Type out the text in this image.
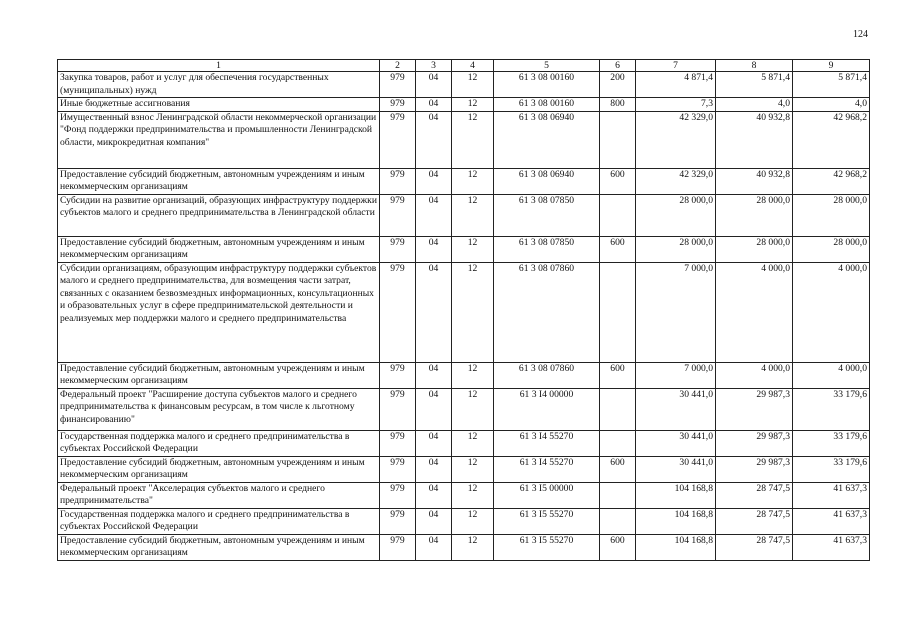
124
1	2	3	4	5	6	7	8	9
Закупка товаров, работ и услуг для обеспечения государственных (муниципальных) нужд	979	04	12	61 3 08 00160	200	4 871,4	5 871,4	5 871,4
Иные бюджетные ассигнования	979	04	12	61 3 08 00160	800	7,3	4,0	4,0
Имущественный взнос Ленинградской области некоммерческой организации "Фонд поддержки предпринимательства и промышленности Ленинградской области, микрокредитная компания"	979	04	12	61 3 08 06940		42 329,0	40 932,8	42 968,2
Предоставление субсидий бюджетным, автономным учреждениям и иным некоммерческим организациям	979	04	12	61 3 08 06940	600	42 329,0	40 932,8	42 968,2
Субсидии на развитие организаций, образующих инфраструктуру поддержки субъектов малого и среднего предпринимательства в Ленинградской области	979	04	12	61 3 08 07850		28 000,0	28 000,0	28 000,0
Предоставление субсидий бюджетным, автономным учреждениям и иным некоммерческим организациям	979	04	12	61 3 08 07850	600	28 000,0	28 000,0	28 000,0
Субсидии организациям, образующим инфраструктуру поддержки субъектов малого и среднего предпринимательства, для возмещения части затрат, связанных с оказанием безвозмездных информационных, консультационных и образовательных услуг в сфере предпринимательской деятельности и реализуемых мер поддержки малого и среднего предпринимательства	979	04	12	61 3 08 07860		7 000,0	4 000,0	4 000,0
Предоставление субсидий бюджетным, автономным учреждениям и иным некоммерческим организациям	979	04	12	61 3 08 07860	600	7 000,0	4 000,0	4 000,0
Федеральный проект "Расширение доступа субъектов малого и среднего предпринимательства к финансовым ресурсам, в том числе к льготному финансированию"	979	04	12	61 3 I4 00000		30 441,0	29 987,3	33 179,6
Государственная поддержка малого и среднего предпринимательства в субъектах Российской Федерации	979	04	12	61 3 I4 55270		30 441,0	29 987,3	33 179,6
Предоставление субсидий бюджетным, автономным учреждениям и иным некоммерческим организациям	979	04	12	61 3 I4 55270	600	30 441,0	29 987,3	33 179,6
Федеральный проект "Акселерация субъектов малого и среднего предпринимательства"	979	04	12	61 3 I5 00000		104 168,8	28 747,5	41 637,3
Государственная поддержка малого и среднего предпринимательства в субъектах Российской Федерации	979	04	12	61 3 I5 55270		104 168,8	28 747,5	41 637,3
Предоставление субсидий бюджетным, автономным учреждениям и иным некоммерческим организациям	979	04	12	61 3 I5 55270	600	104 168,8	28 747,5	41 637,3
